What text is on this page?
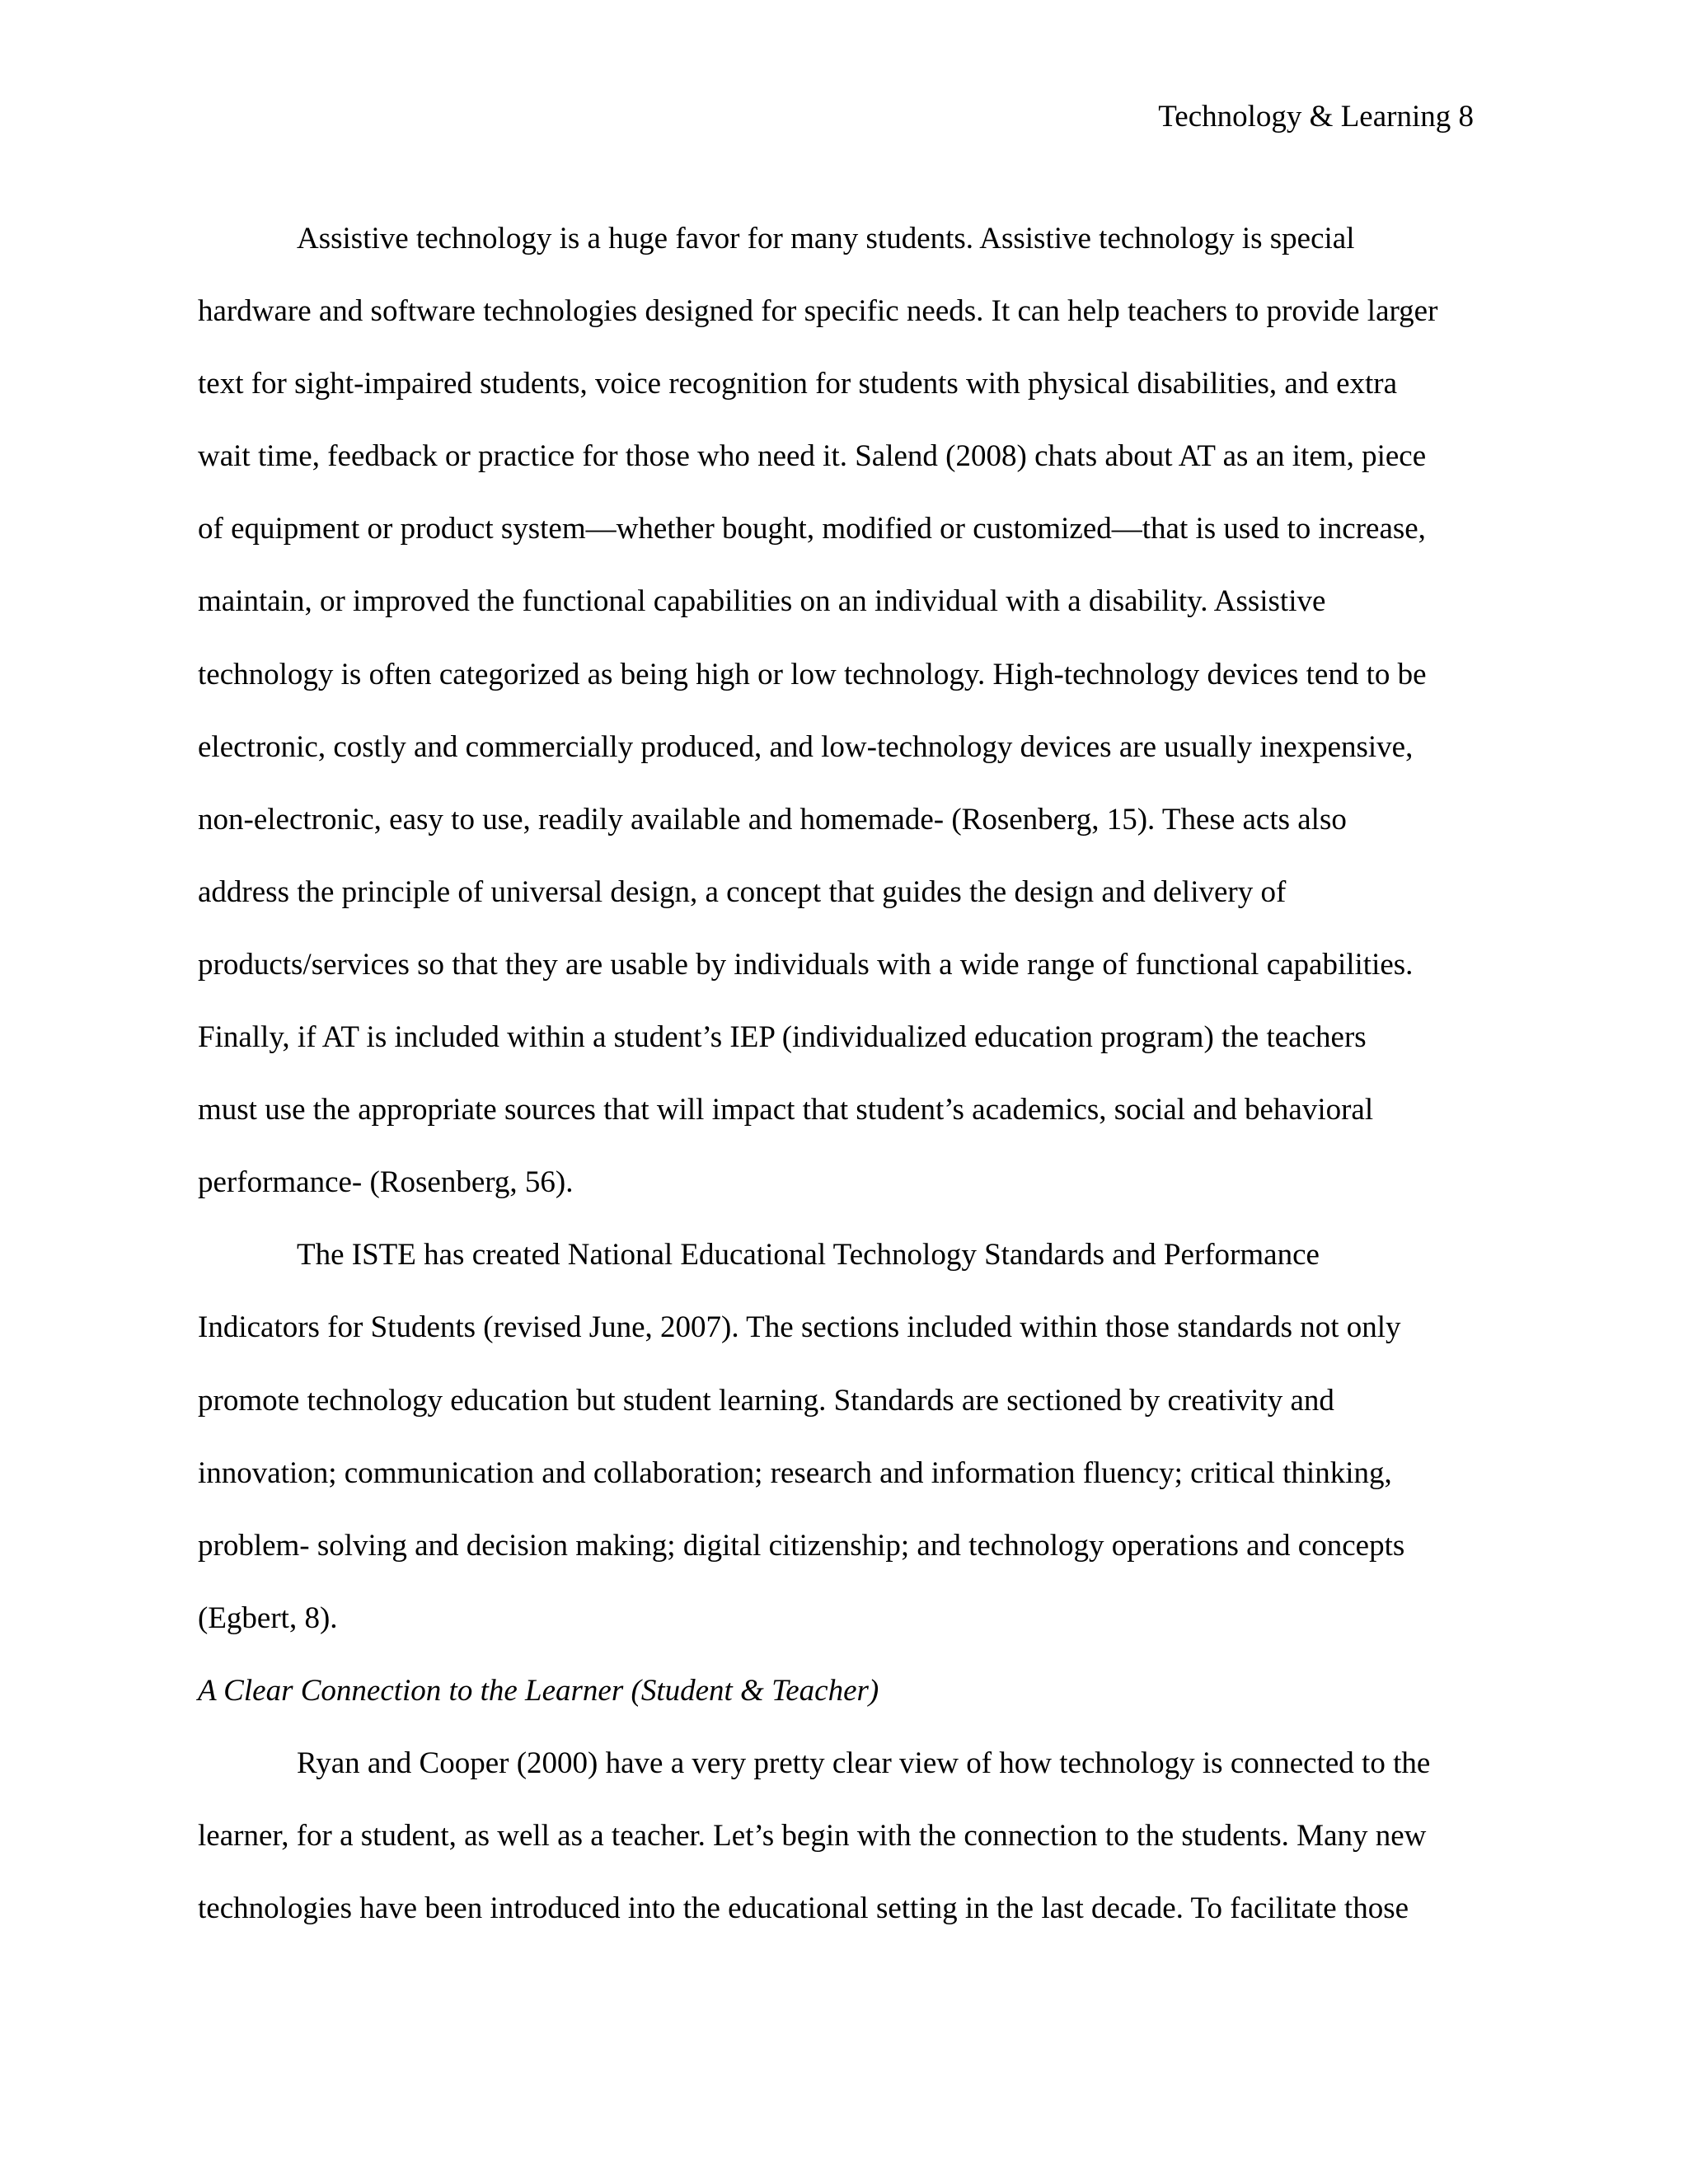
Technology & Learning 8
Assistive technology is a huge favor for many students. Assistive technology is special
hardware and software technologies designed for specific needs. It can help teachers to provide larger
text for sight-impaired students, voice recognition for students with physical disabilities, and extra
wait time, feedback or practice for those who need it. Salend (2008) chats about AT as an item, piece
of equipment or product system—whether bought, modified or customized—that is used to increase,
maintain, or improved the functional capabilities on an individual with a disability. Assistive
technology is often categorized as being high or low technology. High-technology devices tend to be
electronic, costly and commercially produced, and low-technology devices are usually inexpensive,
non-electronic, easy to use, readily available and homemade- (Rosenberg, 15). These acts also
address the principle of universal design, a concept that guides the design and delivery of
products/services so that they are usable by individuals with a wide range of functional capabilities.
Finally, if AT is included within a student’s IEP (individualized education program) the teachers
must use the appropriate sources that will impact that student’s academics, social and behavioral
performance- (Rosenberg, 56).
The ISTE has created National Educational Technology Standards and Performance
Indicators for Students (revised June, 2007). The sections included within those standards not only
promote technology education but student learning. Standards are sectioned by creativity and
innovation; communication and collaboration; research and information fluency; critical thinking,
problem- solving and decision making; digital citizenship; and technology operations and concepts
(Egbert, 8).
A Clear Connection to the Learner (Student & Teacher)
Ryan and Cooper (2000) have a very pretty clear view of how technology is connected to the
learner, for a student, as well as a teacher. Let’s begin with the connection to the students. Many new
technologies have been introduced into the educational setting in the last decade. To facilitate those
